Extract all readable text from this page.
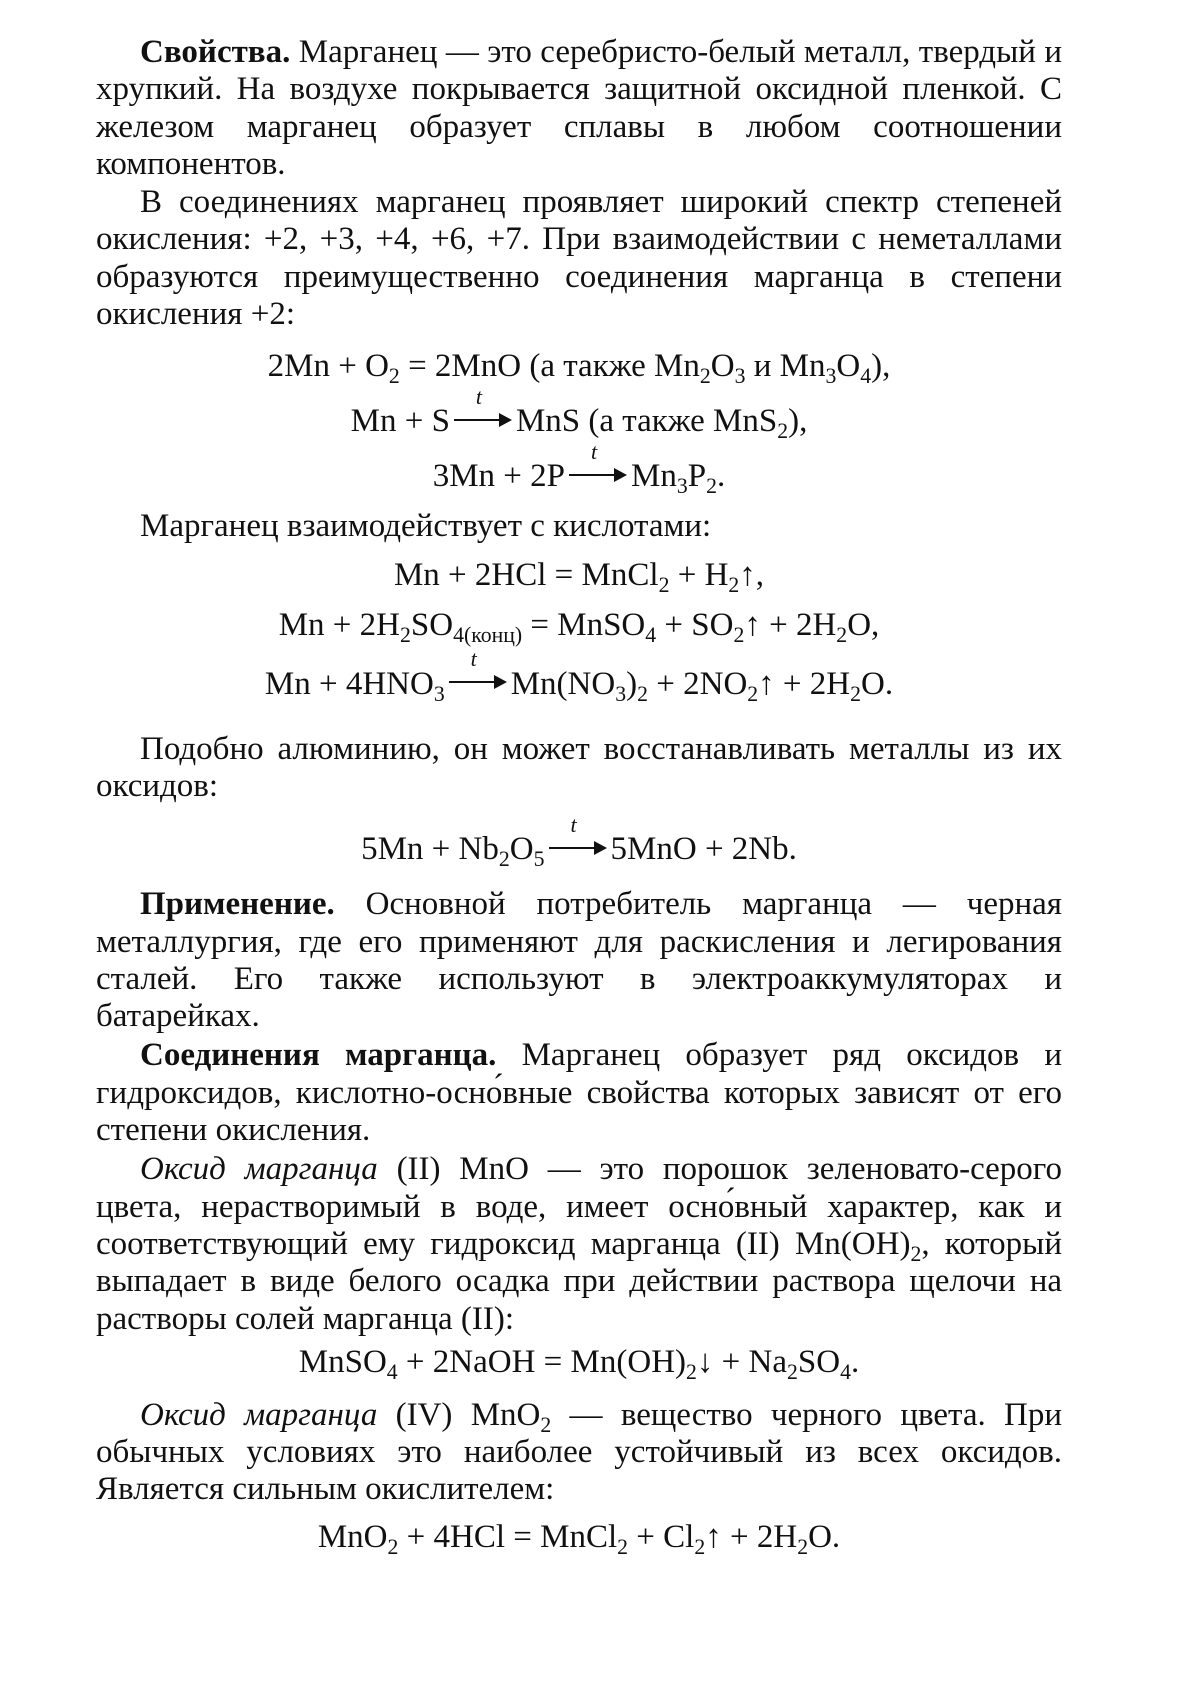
Свойства. Марганец — это серебристо-белый металл, твердый и хрупкий. На воздухе покрывается защитной оксидной пленкой. С железом марганец образует сплавы в любом соотношении компонентов.

В соединениях марганец проявляет широкий спектр степеней окисления: +2, +3, +4, +6, +7. При взаимодействии с неметаллами образуются преимущественно соединения марганца в степени окисления +2:

$2Mn + O_2 = 2MnO$ (а также $Mn_2O_3$ и $Mn_3O_4$),
Mn + S
t
MnS (а также MnS$_2$),
3Mn + 2P
t
$Mn_3P_2$.

Марганец взаимодействует с кислотами:

Mn + 2HCl = MnCl$_2$ + $H_2↑$,
$Mn + 2H_2SO_{4(конц)}$ = MnSO$_4$ + $SO_2↑ + 2H_2O$,
$Mn + 4HNO_3$
t
$Mn(NO_3)_2$ + $2NO_2↑ + 2H_2O$.

Подобно алюминию, он может восстанавливать металлы из их оксидов:

$5Mn + Nb_2O_5$
t
5MnO + 2Nb.

Применение. Основной потребитель марганца — черная металлургия, где его применяют для раскисления и легирования сталей. Его также используют в электроаккумуляторах и батарейках.

Соединения марганца. Марганец образует ряд оксидов и гидроксидов, кислотно-осно́вные свойства которых зависят от его степени окисления.

Оксид марганца (II) MnO — это порошок зеленовато-серого цвета, нерастворимый в воде, имеет осно́вный характер, как и соответствующий ему гидроксид марганца (II) $Mn(OH)_2$, который выпадает в виде белого осадка при действии раствора щелочи на растворы солей марганца (II):

MnSO$_4$ + 2NaOH = $Mn(OH)_2↓ + Na_2SO_4$.

Оксид марганца (IV) MnO$_2$ — вещество черного цвета. При обычных условиях это наиболее устойчивый из всех оксидов. Является сильным окислителем:

MnO$_2$ + 4HCl = MnCl$_2$ + $Cl_2↑ + 2H_2O$.
